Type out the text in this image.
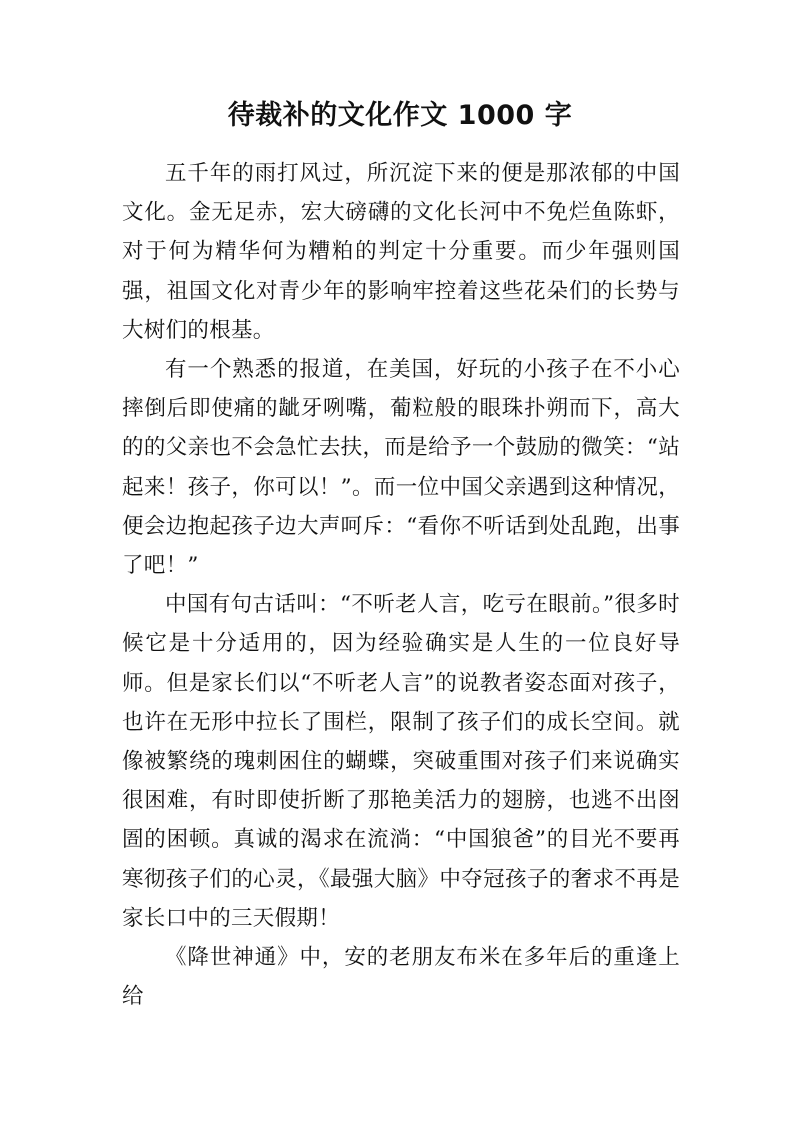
待裁补的文化作文 1000 字

五千年的雨打风过，所沉淀下来的便是那浓郁的中国文化。金无足赤，宏大磅礴的文化长河中不免烂鱼陈虾，对于何为精华何为糟粕的判定十分重要。而少年强则国强，祖国文化对青少年的影响牢控着这些花朵们的长势与大树们的根基。

有一个熟悉的报道，在美国，好玩的小孩子在不小心摔倒后即使痛的龇牙咧嘴，葡粒般的眼珠扑朔而下，高大的的父亲也不会急忙去扶，而是给予一个鼓励的微笑：“站起来！孩子，你可以！”。而一位中国父亲遇到这种情况，便会边抱起孩子边大声呵斥：“看你不听话到处乱跑，出事了吧！”

中国有句古话叫：“不听老人言，吃亏在眼前。”很多时候它是十分适用的，因为经验确实是人生的一位良好导师。但是家长们以“不听老人言”的说教者姿态面对孩子，也许在无形中拉长了围栏，限制了孩子们的成长空间。就像被繁绕的瑰刺困住的蝴蝶，突破重围对孩子们来说确实很困难，有时即使折断了那艳美活力的翅膀，也逃不出囹圄的困顿。真诚的渴求在流淌：“中国狼爸”的目光不要再寒彻孩子们的心灵，《最强大脑》中夺冠孩子的奢求不再是家长口中的三天假期！

《降世神通》中，安的老朋友布米在多年后的重逢上给
